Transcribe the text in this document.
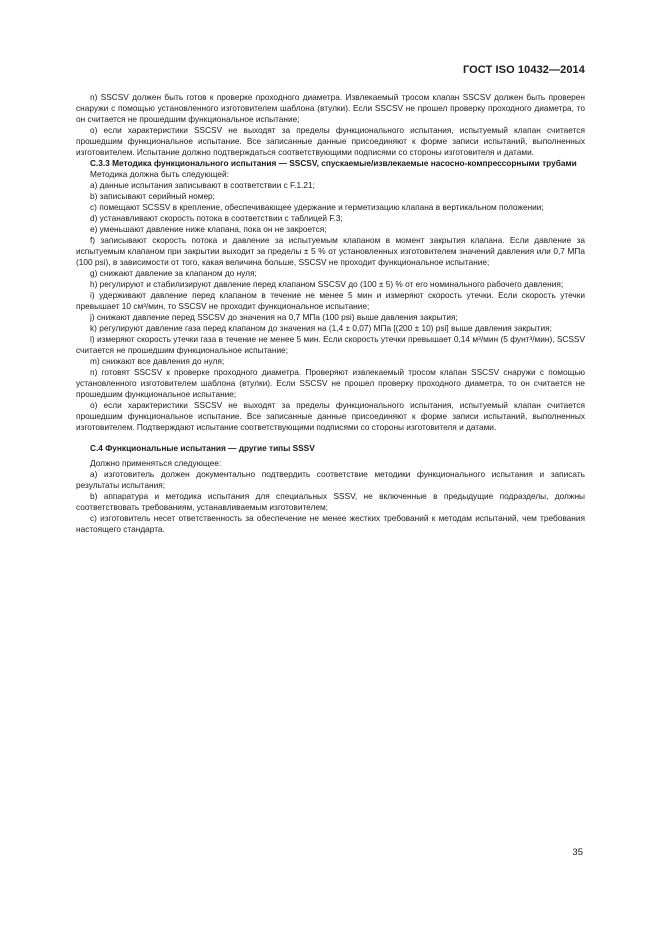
ГОСТ ISO 10432—2014

n) SSCSV должен быть готов к проверке проходного диаметра. Извлекаемый тросом клапан SSCSV должен быть проверен снаружи с помощью установленного изготовителем шаблона (втулки). Если SSCSV не прошел проверку проходного диаметра, то он считается не прошедшим функциональное испытание;

o) если характеристики SSCSV не выходят за пределы функционального испытания, испытуемый клапан считается прошедшим функциональное испытание. Все записанные данные присоединяют к форме записи испытаний, выполненных изготовителем. Испытание должно подтверждаться соответствующими подписями со стороны изготовителя и датами.

С.3.3 Методика функционального испытания — SSCSV, спускаемые/извлекаемые насосно-компрессорными трубами

Методика должна быть следующей:

a) данные испытания записывают в соответствии с F.1.21;

b) записывают серийный номер;

c) помещают SCSSV в крепление, обеспечивающее удержание и герметизацию клапана в вертикальном положении;

d) устанавливают скорость потока в соответствии с таблицей F.3;

e) уменьшают давление ниже клапана, пока он не закроется;

f) записывают скорость потока и давление за испытуемым клапаном в момент закрытия клапана. Если давление за испытуемым клапаном при закрытии выходит за пределы ± 5 % от установленных изготовителем значений давления или 0,7 МПа (100 psi), в зависимости от того, какая величина больше, SSCSV не проходит функциональное испытание;

g) снижают давление за клапаном до нуля;

h) регулируют и стабилизируют давление перед клапаном SSCSV до (100 ± 5) % от его номинального рабочего давления;

i) удерживают давление перед клапаном в течение не менее 5 мин и измеряют скорость утечки. Если скорость утечки превышает 10 см³/мин, то SSCSV не проходит функциональное испытание;

j) снижают давление перед SSCSV до значения на 0,7 МПа (100 psi) выше давления закрытия;

k) регулируют давление газа перед клапаном до значения на (1,4 ± 0,07) МПа [(200 ± 10) psi] выше давления закрытия;

l) измеряют скорость утечки газа в течение не менее 5 мин. Если скорость утечки превышает 0,14 м³/мин (5 фунт³/мин), SCSSV считается не прошедшим функциональное испытание;

m) снижают все давления до нуля;

n) готовят SSCSV к проверке проходного диаметра. Проверяют извлекаемый тросом клапан SSCSV снаружи с помощью установленного изготовителем шаблона (втулки). Если SSCSV не прошел проверку проходного диаметра, то он считается не прошедшим функциональное испытание;

o) если характеристики SSCSV не выходят за пределы функционального испытания, испытуемый клапан считается прошедшим функциональное испытание. Все записанные данные присоединяют к форме записи испытаний, выполненных изготовителем. Подтверждают испытание соответствующими подписями со стороны изготовителя и датами.

С.4 Функциональные испытания — другие типы SSSV

Должно применяться следующее:

a) изготовитель должен документально подтвердить соответствие методики функционального испытания и записать результаты испытания;

b) аппаратура и методика испытания для специальных SSSV, не включенные в предыдущие подразделы, должны соответствовать требованиям, устанавливаемым изготовителем;

c) изготовитель несет ответственность за обеспечение не менее жестких требований к методам испытаний, чем требования настоящего стандарта.

35
